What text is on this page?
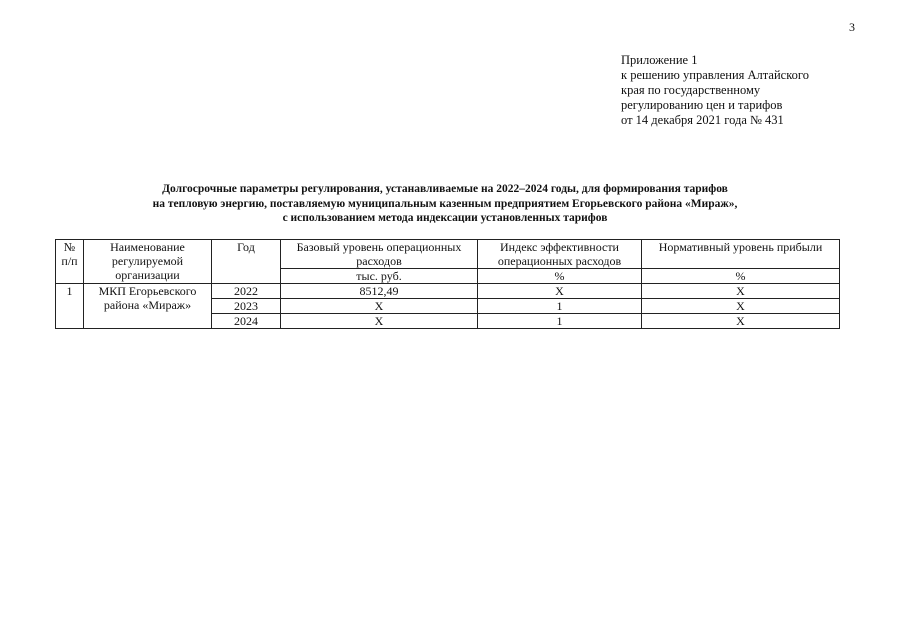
3
Приложение 1
к решению управления Алтайского
края по государственному
регулированию цен и тарифов
от 14 декабря 2021 года № 431
Долгосрочные параметры регулирования, устанавливаемые на 2022–2024 годы, для формирования тарифов
на тепловую энергию, поставляемую муниципальным казенным предприятием Егорьевского района «Мираж»,
с использованием метода индексации установленных тарифов
№ п/п	Наименование регулируемой организации	Год	Базовый уровень операционных расходов	Индекс эффективности операционных расходов	Нормативный уровень прибыли
			тыс. руб.	%	%
1	МКП Егорьевского района «Мираж»	2022	8512,49	Х	Х
		2023	Х	1	Х
		2024	Х	1	Х
